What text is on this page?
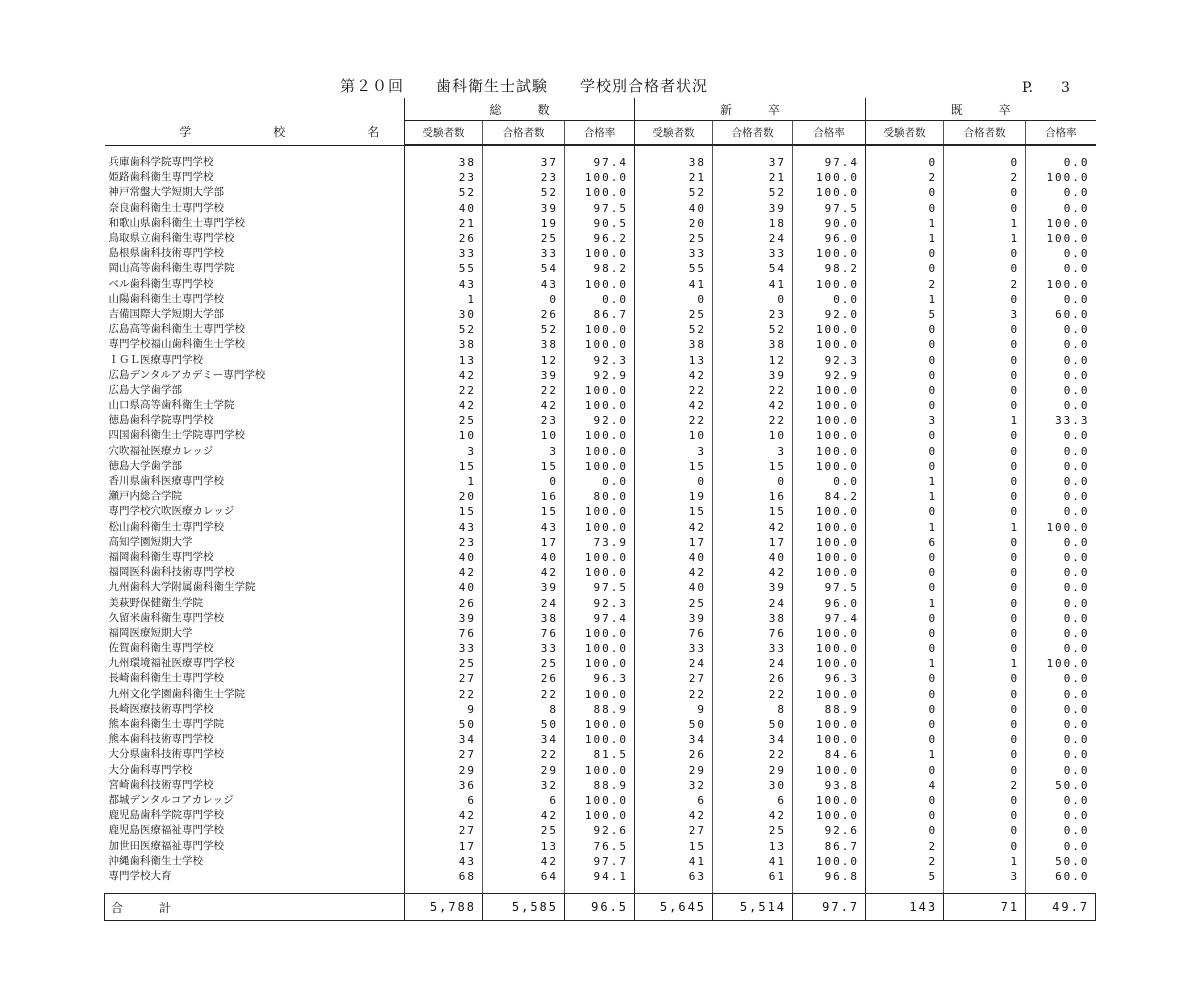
第２０回　　歯科衛生士試験　　学校別合格者状況	P.　　3
学 校 名	総　　　数			新　　　卒			既　　　卒		
	受験者数	合格者数	合格率	受験者数	合格者数	合格率	受験者数	合格者数	合格率

兵庫歯科学院専門学校	38	37	97.4	38	37	97.4	0	0	0.0
姫路歯科衛生専門学校	23	23	100.0	21	21	100.0	2	2	100.0
神戸常盤大学短期大学部	52	52	100.0	52	52	100.0	0	0	0.0
奈良歯科衛生士専門学校	40	39	97.5	40	39	97.5	0	0	0.0
和歌山県歯科衛生士専門学校	21	19	90.5	20	18	90.0	1	1	100.0
鳥取県立歯科衛生専門学校	26	25	96.2	25	24	96.0	1	1	100.0
島根県歯科技術専門学校	33	33	100.0	33	33	100.0	0	0	0.0
岡山高等歯科衛生専門学院	55	54	98.2	55	54	98.2	0	0	0.0
ベル歯科衛生専門学校	43	43	100.0	41	41	100.0	2	2	100.0
山陽歯科衛生士専門学校	1	0	0.0	0	0	0.0	1	0	0.0
吉備国際大学短期大学部	30	26	86.7	25	23	92.0	5	3	60.0
広島高等歯科衛生士専門学校	52	52	100.0	52	52	100.0	0	0	0.0
専門学校福山歯科衛生士学校	38	38	100.0	38	38	100.0	0	0	0.0
ＩＧＬ医療専門学校	13	12	92.3	13	12	92.3	0	0	0.0
広島デンタルアカデミー専門学校	42	39	92.9	42	39	92.9	0	0	0.0
広島大学歯学部	22	22	100.0	22	22	100.0	0	0	0.0
山口県高等歯科衛生士学院	42	42	100.0	42	42	100.0	0	0	0.0
徳島歯科学院専門学校	25	23	92.0	22	22	100.0	3	1	33.3
四国歯科衛生士学院専門学校	10	10	100.0	10	10	100.0	0	0	0.0
穴吹福祉医療カレッジ	3	3	100.0	3	3	100.0	0	0	0.0
徳島大学歯学部	15	15	100.0	15	15	100.0	0	0	0.0
香川県歯科医療専門学校	1	0	0.0	0	0	0.0	1	0	0.0
瀬戸内総合学院	20	16	80.0	19	16	84.2	1	0	0.0
専門学校穴吹医療カレッジ	15	15	100.0	15	15	100.0	0	0	0.0
松山歯科衛生士専門学校	43	43	100.0	42	42	100.0	1	1	100.0
高知学園短期大学	23	17	73.9	17	17	100.0	6	0	0.0
福岡歯科衛生専門学校	40	40	100.0	40	40	100.0	0	0	0.0
福岡医科歯科技術専門学校	42	42	100.0	42	42	100.0	0	0	0.0
九州歯科大学附属歯科衛生学院	40	39	97.5	40	39	97.5	0	0	0.0
美萩野保健衛生学院	26	24	92.3	25	24	96.0	1	0	0.0
久留米歯科衛生専門学校	39	38	97.4	39	38	97.4	0	0	0.0
福岡医療短期大学	76	76	100.0	76	76	100.0	0	0	0.0
佐賀歯科衛生専門学校	33	33	100.0	33	33	100.0	0	0	0.0
九州環境福祉医療専門学校	25	25	100.0	24	24	100.0	1	1	100.0
長崎歯科衛生士専門学校	27	26	96.3	27	26	96.3	0	0	0.0
九州文化学園歯科衛生士学院	22	22	100.0	22	22	100.0	0	0	0.0
長崎医療技術専門学校	9	8	88.9	9	8	88.9	0	0	0.0
熊本歯科衛生士専門学院	50	50	100.0	50	50	100.0	0	0	0.0
熊本歯科技術専門学校	34	34	100.0	34	34	100.0	0	0	0.0
大分県歯科技術専門学校	27	22	81.5	26	22	84.6	1	0	0.0
大分歯科専門学校	29	29	100.0	29	29	100.0	0	0	0.0
宮崎歯科技術専門学校	36	32	88.9	32	30	93.8	4	2	50.0
都城デンタルコアカレッジ	6	6	100.0	6	6	100.0	0	0	0.0
鹿児島歯科学院専門学校	42	42	100.0	42	42	100.0	0	0	0.0
鹿児島医療福祉専門学校	27	25	92.6	27	25	92.6	0	0	0.0
加世田医療福祉専門学校	17	13	76.5	15	13	86.7	2	0	0.0
沖縄歯科衛生士学校	43	42	97.7	41	41	100.0	2	1	50.0
専門学校大育	68	64	94.1	63	61	96.8	5	3	60.0

合　　　計	5,788	5,585	96.5	5,645	5,514	97.7	143	71	49.7
